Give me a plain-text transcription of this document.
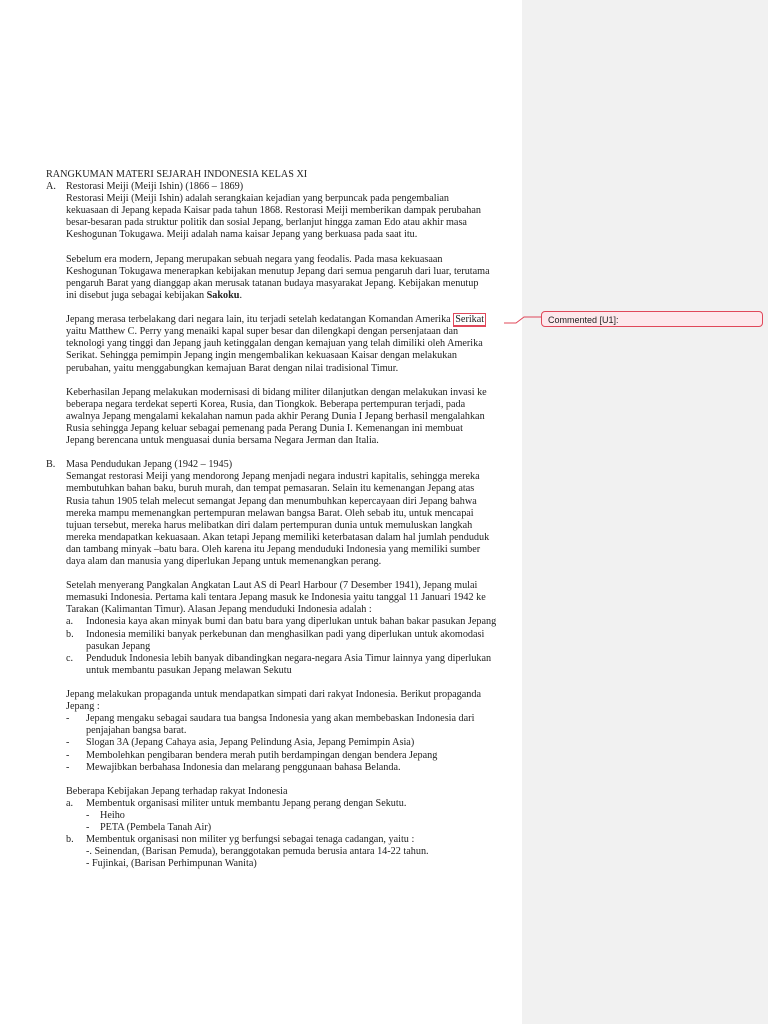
RANGKUMAN MATERI SEJARAH INDONESIA KELAS XI
A. Restorasi Meiji (Meiji Ishin) (1866 – 1869)
Restorasi Meiji (Meiji Ishin) adalah serangkaian kejadian yang berpuncak pada pengembalian
kekuasaan di Jepang kepada Kaisar pada tahun 1868. Restorasi Meiji memberikan dampak perubahan
besar-besaran pada struktur politik dan sosial Jepang, berlanjut hingga zaman Edo atau akhir masa
Keshogunan Tokugawa. Meiji adalah nama kaisar Jepang yang berkuasa pada saat itu.
Sebelum era modern, Jepang merupakan sebuah negara yang feodalis. Pada masa kekuasaan
Keshogunan Tokugawa menerapkan kebijakan menutup Jepang dari semua pengaruh dari luar, terutama
pengaruh Barat yang dianggap akan merusak tatanan budaya masyarakat Jepang. Kebijakan menutup
ini disebut juga sebagai kebijakan Sakoku.
Jepang merasa terbelakang dari negara lain, itu terjadi setelah kedatangan Komandan Amerika Serikat
yaitu Matthew C. Perry yang menaiki kapal super besar dan dilengkapi dengan persenjataan dan
teknologi yang tinggi dan Jepang jauh ketinggalan dengan kemajuan yang telah dimiliki oleh Amerika
Serikat. Sehingga pemimpin Jepang ingin mengembalikan kekuasaan Kaisar dengan melakukan
perubahan, yaitu menggabungkan kemajuan Barat dengan nilai tradisional Timur.
Keberhasilan Jepang melakukan modernisasi di bidang militer dilanjutkan dengan melakukan invasi ke
beberapa negara terdekat seperti Korea, Rusia, dan Tiongkok. Beberapa pertempuran terjadi, pada
awalnya Jepang mengalami kekalahan namun pada akhir Perang Dunia I Jepang berhasil mengalahkan
Rusia sehingga Jepang keluar sebagai pemenang pada Perang Dunia I. Kemenangan ini membuat
Jepang berencana untuk menguasai dunia bersama Negara Jerman dan Italia.
B. Masa Pendudukan Jepang (1942 – 1945)
Semangat restorasi Meiji yang mendorong Jepang menjadi negara industri kapitalis, sehingga mereka
membutuhkan bahan baku, buruh murah, dan tempat pemasaran. Selain itu kemenangan Jepang atas
Rusia tahun 1905 telah melecut semangat Jepang dan menumbuhkan kepercayaan diri Jepang bahwa
mereka mampu memenangkan pertempuran melawan bangsa Barat. Oleh sebab itu, untuk mencapai
tujuan tersebut, mereka harus melibatkan diri dalam pertempuran dunia untuk memuluskan langkah
mereka mendapatkan kekuasaan. Akan tetapi Jepang memiliki keterbatasan dalam hal jumlah penduduk
dan tambang minyak –batu bara. Oleh karena itu Jepang menduduki Indonesia yang memiliki sumber
daya alam dan manusia yang diperlukan Jepang untuk memenangkan perang.
Setelah menyerang Pangkalan Angkatan Laut AS di Pearl Harbour (7 Desember 1941), Jepang mulai
memasuki Indonesia. Pertama kali tentara Jepang masuk ke Indonesia yaitu tanggal 11 Januari 1942 ke
Tarakan (Kalimantan Timur). Alasan Jepang menduduki Indonesia adalah :
a. Indonesia kaya akan minyak bumi dan batu bara yang diperlukan untuk bahan bakar pasukan Jepang
b. Indonesia memiliki banyak perkebunan dan menghasilkan padi yang diperlukan untuk akomodasi
pasukan Jepang
c. Penduduk Indonesia lebih banyak dibandingkan negara-negara Asia Timur lainnya yang diperlukan
untuk membantu pasukan Jepang melawan Sekutu
Jepang melakukan propaganda untuk mendapatkan simpati dari rakyat Indonesia. Berikut propaganda
Jepang :
- Jepang mengaku sebagai saudara tua bangsa Indonesia yang akan membebaskan Indonesia dari
penjajahan bangsa barat.
- Slogan 3A (Jepang Cahaya asia, Jepang Pelindung Asia, Jepang Pemimpin Asia)
- Membolehkan pengibaran bendera merah putih berdampingan dengan bendera Jepang
- Mewajibkan berbahasa Indonesia dan melarang penggunaan bahasa Belanda.
Beberapa Kebijakan Jepang terhadap rakyat Indonesia
a. Membentuk organisasi militer untuk membantu Jepang perang dengan Sekutu.
- Heiho
- PETA (Pembela Tanah Air)
b. Membentuk organisasi non militer yg berfungsi sebagai tenaga cadangan, yaitu :
-. Seinendan, (Barisan Pemuda), beranggotakan pemuda berusia antara 14-22 tahun.
- Fujinkai, (Barisan Perhimpunan Wanita)
Commented [U1]:
